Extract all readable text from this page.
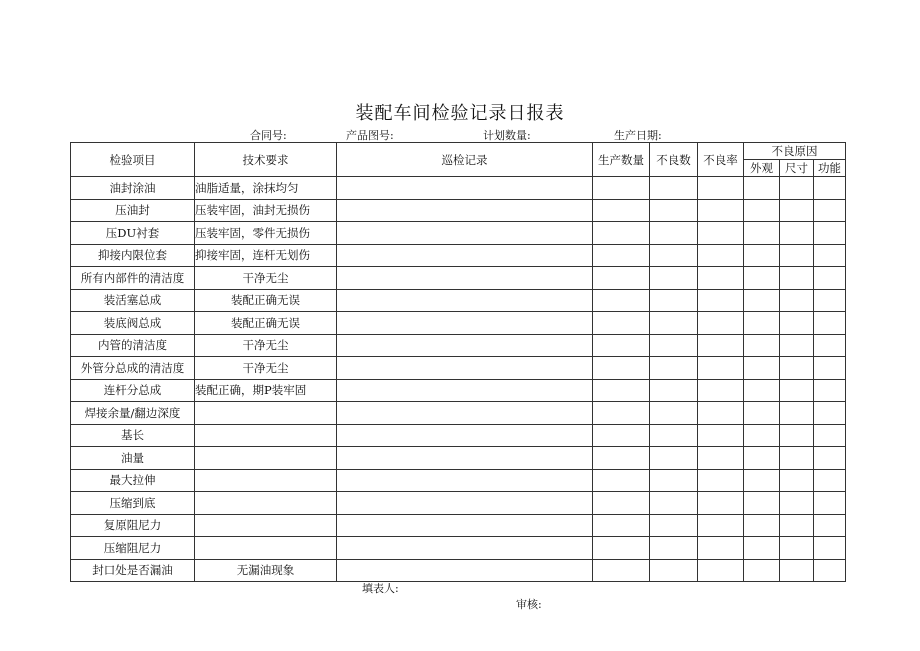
装配车间检验记录日报表
合同号:	产品图号:	计划数量:	生产日期:
检验项目	技术要求	巡检记录	生产数量	不良数	不良率	不良原因		
						外观	尺寸	功能
油封涂油	油脂适量，涂抹均匀							
压油封	压装牢固，油封无损伤							
压DU衬套	压装牢固，零件无损伤							
抑接内限位套	抑接牢固，连杆无划伤							
所有内部件的清洁度	干净无尘							
装活塞总成	装配正确无误							
装底阀总成	装配正确无误							
内管的清洁度	干净无尘							
外管分总成的清洁度	干净无尘							
连杆分总成	装配正确，期P装牢固							
焊接余量/翻边深度								
基长								
油量								
最大拉伸								
压缩到底								
复原阻尼力								
压缩阻尼力								
封口处是否漏油	无漏油现象							
填表人:
审核:
